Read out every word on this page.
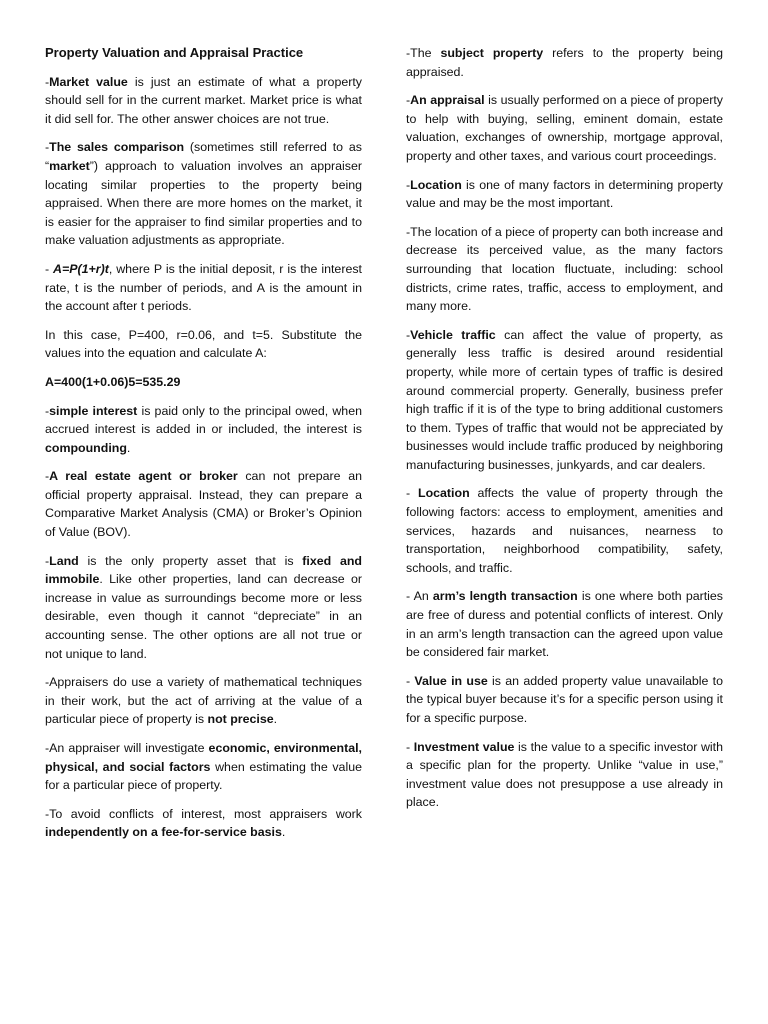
Property Valuation and Appraisal Practice

-Market value is just an estimate of what a property should sell for in the current market. Market price is what it did sell for. The other answer choices are not true.

-The sales comparison (sometimes still referred to as “market”) approach to valuation involves an appraiser locating similar properties to the property being appraised. When there are more homes on the market, it is easier for the appraiser to find similar properties and to make valuation adjustments as appropriate.

- A=P(1+r)t, where P is the initial deposit, r is the interest rate, t is the number of periods, and A is the amount in the account after t periods.

In this case, P=400, r=0.06, and t=5. Substitute the values into the equation and calculate A:

A=400(1+0.06)5=535.29

-simple interest is paid only to the principal owed, when accrued interest is added in or included, the interest is compounding.

-A real estate agent or broker can not prepare an official property appraisal. Instead, they can prepare a Comparative Market Analysis (CMA) or Broker’s Opinion of Value (BOV).

-Land is the only property asset that is fixed and immobile. Like other properties, land can decrease or increase in value as surroundings become more or less desirable, even though it cannot “depreciate” in an accounting sense. The other options are all not true or not unique to land.

-Appraisers do use a variety of mathematical techniques in their work, but the act of arriving at the value of a particular piece of property is not precise.

-An appraiser will investigate economic, environmental, physical, and social factors when estimating the value for a particular piece of property.

-To avoid conflicts of interest, most appraisers work independently on a fee-for-service basis.

-The subject property refers to the property being appraised.

-An appraisal is usually performed on a piece of property to help with buying, selling, eminent domain, estate valuation, exchanges of ownership, mortgage approval, property and other taxes, and various court proceedings.

-Location is one of many factors in determining property value and may be the most important.

-The location of a piece of property can both increase and decrease its perceived value, as the many factors surrounding that location fluctuate, including: school districts, crime rates, traffic, access to employment, and many more.

-Vehicle traffic can affect the value of property, as generally less traffic is desired around residential property, while more of certain types of traffic is desired around commercial property. Generally, business prefer high traffic if it is of the type to bring additional customers to them. Types of traffic that would not be appreciated by businesses would include traffic produced by neighboring manufacturing businesses, junkyards, and car dealers.

- Location affects the value of property through the following factors: access to employment, amenities and services, hazards and nuisances, nearness to transportation, neighborhood compatibility, safety, schools, and traffic.

- An arm’s length transaction is one where both parties are free of duress and potential conflicts of interest. Only in an arm’s length transaction can the agreed upon value be considered fair market.

- Value in use is an added property value unavailable to the typical buyer because it’s for a specific person using it for a specific purpose.

- Investment value is the value to a specific investor with a specific plan for the property. Unlike “value in use,” investment value does not presuppose a use already in place.
